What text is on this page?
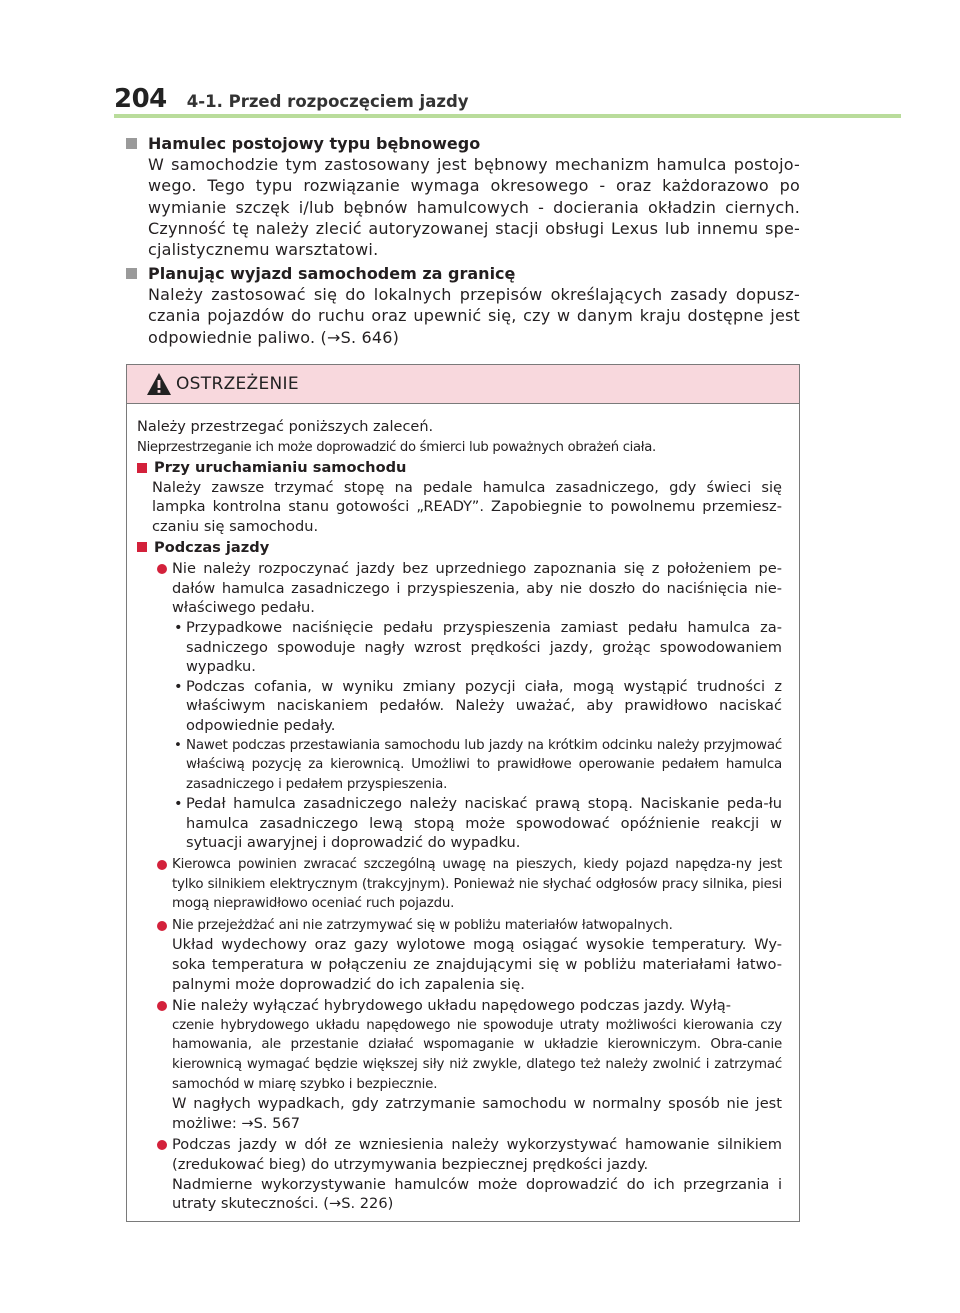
204 4-1. Przed rozpoczęciem jazdy
Hamulec postojowy typu bębnowego
W samochodzie tym zastosowany jest bębnowy mechanizm hamulca postojo-wego. Tego typu rozwiązanie wymaga okresowego - oraz każdorazowo po wymianie szczęk i/lub bębnów hamulcowych - docierania okładzin ciernych. Czynność tę należy zlecić autoryzowanej stacji obsługi Lexus lub innemu spe-cjalistycznemu warsztatowi.
Planując wyjazd samochodem za granicę
Należy zastosować się do lokalnych przepisów określających zasady dopusz-czania pojazdów do ruchu oraz upewnić się, czy w danym kraju dostępne jest odpowiednie paliwo. (→S. 646)
OSTRZEŻENIE
Należy przestrzegać poniższych zaleceń.
Nieprzestrzeganie ich może doprowadzić do śmierci lub poważnych obrażeń ciała.
Przy uruchamianiu samochodu
Należy zawsze trzymać stopę na pedale hamulca zasadniczego, gdy świeci się lampka kontrolna stanu gotowości „READY”. Zapobiegnie to powolnemu przemiesz-czaniu się samochodu.
Podczas jazdy
Nie należy rozpoczynać jazdy bez uprzedniego zapoznania się z położeniem pe-dałów hamulca zasadniczego i przyspieszenia, aby nie doszło do naciśnięcia nie-właściwego pedału.
• Przypadkowe naciśnięcie pedału przyspieszenia zamiast pedału hamulca za-sadniczego spowoduje nagły wzrost prędkości jazdy, grożąc spowodowaniem wypadku.
• Podczas cofania, w wyniku zmiany pozycji ciała, mogą wystąpić trudności z właściwym naciskaniem pedałów. Należy uważać, aby prawidłowo naciskać odpowiednie pedały.
• Nawet podczas przestawiania samochodu lub jazdy na krótkim odcinku należy przyjmować właściwą pozycję za kierownicą. Umożliwi to prawidłowe operowanie pedałem hamulca zasadniczego i pedałem przyspieszenia.
• Pedał hamulca zasadniczego należy naciskać prawą stopą. Naciskanie peda-łu hamulca zasadniczego lewą stopą może spowodować opóźnienie reakcji w sytuacji awaryjnej i doprowadzić do wypadku.
Kierowca powinien zwracać szczególną uwagę na pieszych, kiedy pojazd napędza-ny jest tylko silnikiem elektrycznym (trakcyjnym). Ponieważ nie słychać odgłosów pracy silnika, piesi mogą nieprawidłowo oceniać ruch pojazdu.
Nie przejeżdżać ani nie zatrzymywać się w pobliżu materiałów łatwopalnych.
Układ wydechowy oraz gazy wylotowe mogą osiągać wysokie temperatury. Wy-soka temperatura w połączeniu ze znajdującymi się w pobliżu materiałami łatwo-palnymi może doprowadzić do ich zapalenia się.
Nie należy wyłączać hybrydowego układu napędowego podczas jazdy. Wyłą-
czenie hybrydowego układu napędowego nie spowoduje utraty możliwości kierowania czy hamowania, ale przestanie działać wspomaganie w układzie kierowniczym. Obra-canie kierownicą wymagać będzie większej siły niż zwykle, dlatego też należy zwolnić i zatrzymać samochód w miarę szybko i bezpiecznie.
W nagłych wypadkach, gdy zatrzymanie samochodu w normalny sposób nie jest możliwe: →S. 567
Podczas jazdy w dół ze wzniesienia należy wykorzystywać hamowanie silnikiem (zredukować bieg) do utrzymywania bezpiecznej prędkości jazdy.
Nadmierne wykorzystywanie hamulców może doprowadzić do ich przegrzania i utraty skuteczności. (→S. 226)
